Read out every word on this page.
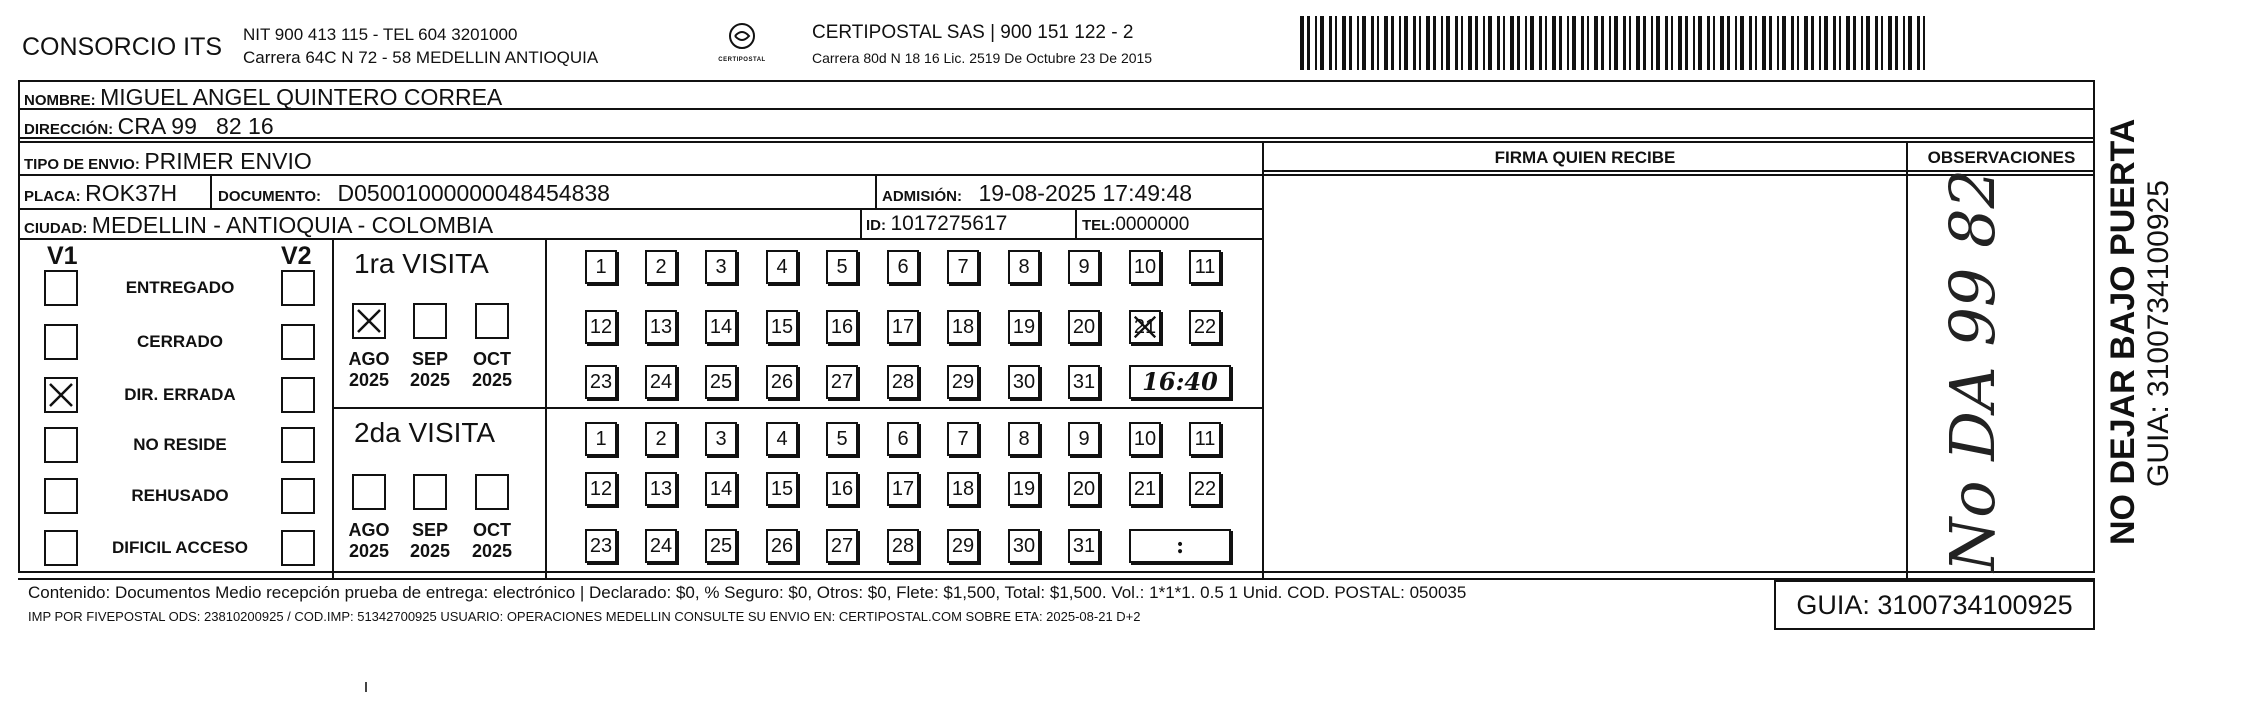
CONSORCIO ITS NIT 900 413 115 - TEL 604 3201000
Carrera 64C N 72 - 58 MEDELLIN ANTIOQUIA	CERTIPOSTAL
CERTIPOSTAL SAS | 900 151 122 - 2
Carrera 80d N 18 16 Lic. 2519 De Octubre 23 De 2015
NOMBRE: MIGUEL ANGEL QUINTERO CORREA
DIRECCIÓN: CRA 99   82 16
TIPO DE ENVIO: PRIMER ENVIO
PLACA: ROK37H	DOCUMENTO: D05001000000048454838	ADMISIÓN: 19-08-2025 17:49:48
CIUDAD: MEDELLIN - ANTIOQUIA - COLOMBIA	ID: 1017275617	TEL:0000000
FIRMA QUIEN RECIBE	OBSERVACIONES
No DA 99 82
V1	V2 1ra VISITA
2da VISITA
Contenido: Documentos Medio recepción prueba de entrega: electrónico | Declarado: $0, % Seguro: $0, Otros: $0, Flete: $1,500, Total: $1,500. Vol.: 1*1*1. 0.5 1 Unid. COD. POSTAL: 050035
IMP POR FIVEPOSTAL ODS: 23810200925 / COD.IMP: 51342700925 USUARIO: OPERACIONES MEDELLIN CONSULTE SU ENVIO EN: CERTIPOSTAL.COM SOBRE ETA: 2025-08-21 D+2	GUIA: 3100734100925
NO DEJAR BAJO PUERTA GUIA: 3100734100925
ENTREGADO
CERRADO
DIR. ERRADA
NO RESIDE
REHUSADO
DIFICIL ACCESO
AGO
2025
SEP
2025
OCT
2025
AGO
2025
SEP
2025
OCT
2025
1	2	3	4	5	6	7	8	9	10 11
12 13 14 15 16 17 18 19 20 21 22
23 24 25 26 27 28 29 30 31	16:40
1	2	3	4	5	6	7	8	9	10 11
12 13 14 15 16 17 18 19 20 21 22
23 24 25 26 27 28 29 30 31	:
